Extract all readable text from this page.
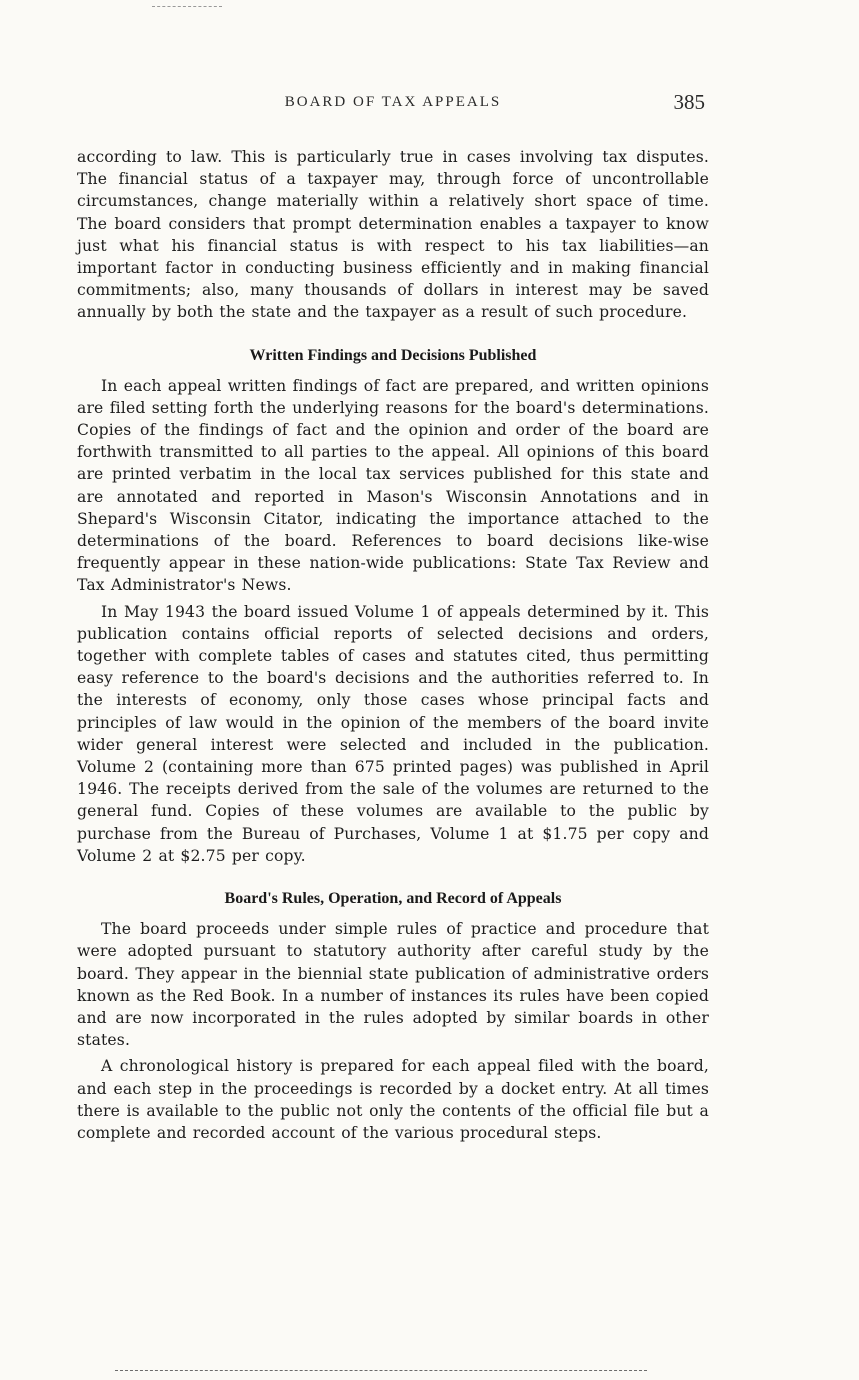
BOARD OF TAX APPEALS	385

according to law. This is particularly true in cases involving tax disputes. The financial status of a taxpayer may, through force of uncontrollable circumstances, change materially within a relatively short space of time. The board considers that prompt determination enables a taxpayer to know just what his financial status is with respect to his tax liabilities—an important factor in conducting business efficiently and in making financial commitments; also, many thousands of dollars in interest may be saved annually by both the state and the taxpayer as a result of such procedure.

Written Findings and Decisions Published

In each appeal written findings of fact are prepared, and written opinions are filed setting forth the underlying reasons for the board's determinations. Copies of the findings of fact and the opinion and order of the board are forthwith transmitted to all parties to the appeal. All opinions of this board are printed verbatim in the local tax services published for this state and are annotated and reported in Mason's Wisconsin Annotations and in Shepard's Wisconsin Citator, indicating the importance attached to the determinations of the board. References to board decisions like-wise frequently appear in these nation-wide publications: State Tax Review and Tax Administrator's News.

In May 1943 the board issued Volume 1 of appeals determined by it. This publication contains official reports of selected decisions and orders, together with complete tables of cases and statutes cited, thus permitting easy reference to the board's decisions and the authorities referred to. In the interests of economy, only those cases whose principal facts and principles of law would in the opinion of the members of the board invite wider general interest were selected and included in the publication. Volume 2 (containing more than 675 printed pages) was published in April 1946. The receipts derived from the sale of the volumes are returned to the general fund. Copies of these volumes are available to the public by purchase from the Bureau of Purchases, Volume 1 at $1.75 per copy and Volume 2 at $2.75 per copy.

Board's Rules, Operation, and Record of Appeals

The board proceeds under simple rules of practice and procedure that were adopted pursuant to statutory authority after careful study by the board. They appear in the biennial state publication of administrative orders known as the Red Book. In a number of instances its rules have been copied and are now incorporated in the rules adopted by similar boards in other states.

A chronological history is prepared for each appeal filed with the board, and each step in the proceedings is recorded by a docket entry. At all times there is available to the public not only the contents of the official file but a complete and recorded account of the various procedural steps.
